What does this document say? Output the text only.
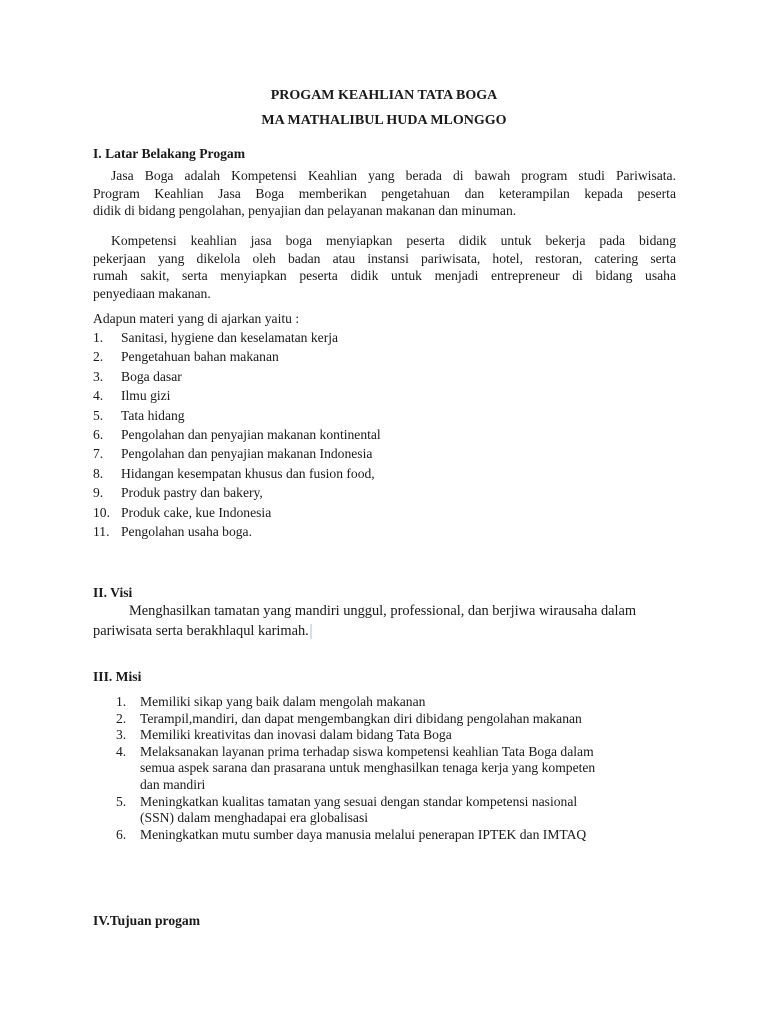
PROGAM KEAHLIAN TATA BOGA
MA MATHALIBUL HUDA MLONGGO
I. Latar Belakang Progam
Jasa Boga adalah Kompetensi Keahlian yang berada di bawah program studi Pariwisata.
Program Keahlian Jasa Boga memberikan pengetahuan dan keterampilan kepada peserta
didik di bidang pengolahan, penyajian dan pelayanan makanan dan minuman.
Kompetensi keahlian jasa boga menyiapkan peserta didik untuk bekerja pada bidang
pekerjaan yang dikelola oleh badan atau instansi pariwisata, hotel, restoran, catering serta
rumah sakit, serta menyiapkan peserta didik untuk menjadi entrepreneur di bidang usaha
penyediaan makanan.
Adapun materi yang di ajarkan yaitu :
1. Sanitasi, hygiene dan keselamatan kerja
2. Pengetahuan bahan makanan
3. Boga dasar
4. Ilmu gizi
5. Tata hidang
6. Pengolahan dan penyajian makanan kontinental
7. Pengolahan dan penyajian makanan Indonesia
8. Hidangan kesempatan khusus dan fusion food,
9. Produk pastry dan bakery,
10. Produk cake, kue Indonesia
11. Pengolahan usaha boga.
II. Visi
Menghasilkan tamatan yang mandiri unggul, professional, dan berjiwa wirausaha dalam
pariwisata serta berakhlaqul karimah.
III. Misi
1. Memiliki sikap yang baik dalam mengolah makanan
2. Terampil,mandiri, dan dapat mengembangkan diri dibidang pengolahan makanan
3. Memiliki kreativitas dan inovasi dalam bidang Tata Boga
4. Melaksanakan layanan prima terhadap siswa kompetensi keahlian Tata Boga dalam
semua aspek sarana dan prasarana untuk menghasilkan tenaga kerja yang kompeten
dan mandiri
5. Meningkatkan kualitas tamatan yang sesuai dengan standar kompetensi nasional
(SSN) dalam menghadapai era globalisasi
6. Meningkatkan mutu sumber daya manusia melalui penerapan IPTEK dan IMTAQ
IV.Tujuan progam
